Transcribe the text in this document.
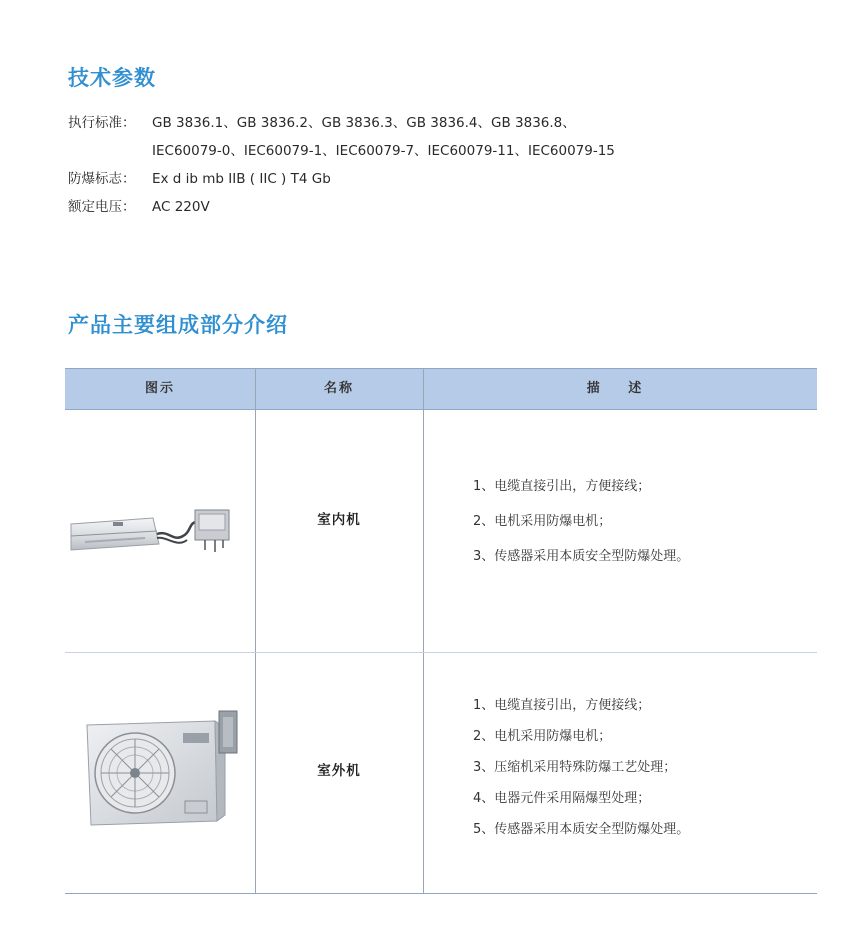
技术参数
执行标准： GB 3836.1、GB 3836.2、GB 3836.3、GB 3836.4、GB 3836.8、
IEC60079-0、IEC60079-1、IEC60079-7、IEC60079-11、IEC60079-15
防爆标志： Ex d ib mb IIB ( IIC ) T4 Gb
额定电压： AC 220V
产品主要组成部分介绍
图示	名称	描 述
室内机
1、电缆直接引出，方便接线；
2、电机采用防爆电机；
3、传感器采用本质安全型防爆处理。
室外机
1、电缆直接引出，方便接线；
2、电机采用防爆电机；
3、压缩机采用特殊防爆工艺处理；
4、电器元件采用隔爆型处理；
5、传感器采用本质安全型防爆处理。
